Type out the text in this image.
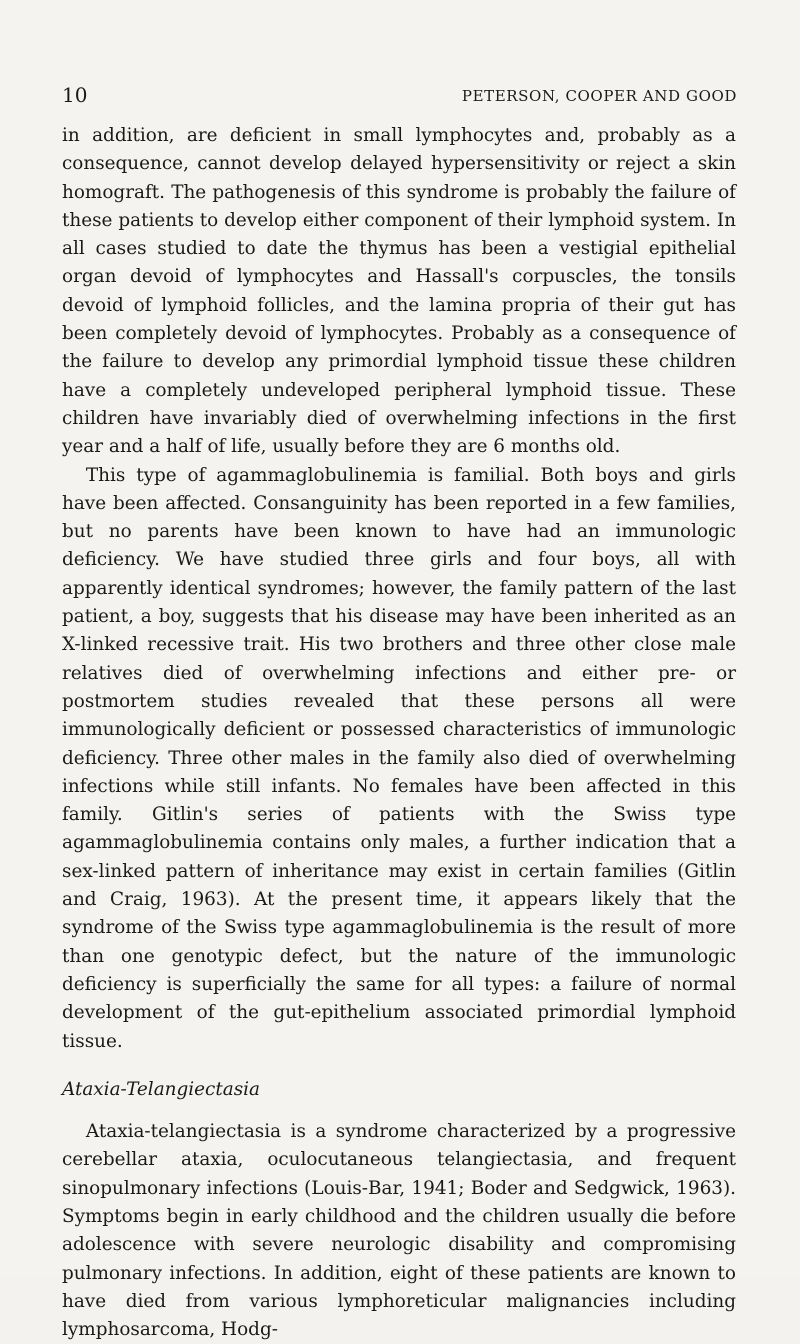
10	PETERSON, COOPER AND GOOD

in addition, are deficient in small lymphocytes and, probably as a consequence, cannot develop delayed hypersensitivity or reject a skin homograft. The pathogenesis of this syndrome is probably the failure of these patients to develop either component of their lymphoid system. In all cases studied to date the thymus has been a vestigial epithelial organ devoid of lymphocytes and Hassall's corpuscles, the tonsils devoid of lymphoid follicles, and the lamina propria of their gut has been completely devoid of lymphocytes. Probably as a consequence of the failure to develop any primordial lymphoid tissue these children have a completely undeveloped peripheral lymphoid tissue. These children have invariably died of overwhelming infections in the first year and a half of life, usually before they are 6 months old.

This type of agammaglobulinemia is familial. Both boys and girls have been affected. Consanguinity has been reported in a few families, but no parents have been known to have had an immunologic deficiency. We have studied three girls and four boys, all with apparently identical syndromes; however, the family pattern of the last patient, a boy, suggests that his disease may have been inherited as an X-linked recessive trait. His two brothers and three other close male relatives died of overwhelming infections and either pre- or postmortem studies revealed that these persons all were immunologically deficient or possessed characteristics of immunologic deficiency. Three other males in the family also died of overwhelming infections while still infants. No females have been affected in this family. Gitlin's series of patients with the Swiss type agammaglobulinemia contains only males, a further indication that a sex-linked pattern of inheritance may exist in certain families (Gitlin and Craig, 1963). At the present time, it appears likely that the syndrome of the Swiss type agammaglobulinemia is the result of more than one genotypic defect, but the nature of the immunologic deficiency is superficially the same for all types: a failure of normal development of the gut-epithelium associated primordial lymphoid tissue.

Ataxia-Telangiectasia

Ataxia-telangiectasia is a syndrome characterized by a progressive cerebellar ataxia, oculocutaneous telangiectasia, and frequent sinopulmonary infections (Louis-Bar, 1941; Boder and Sedgwick, 1963). Symptoms begin in early childhood and the children usually die before adolescence with severe neurologic disability and compromising pulmonary infections. In addition, eight of these patients are known to have died from various lymphoreticular malignancies including lymphosarcoma, Hodg-
